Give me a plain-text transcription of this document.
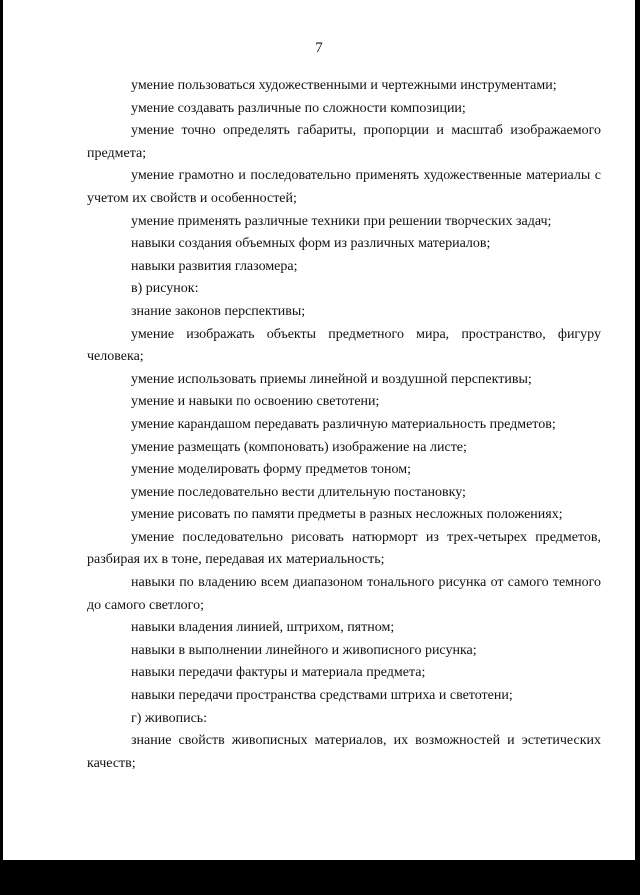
7

умение пользоваться художественными и чертежными инструментами;

умение создавать различные по сложности композиции;

умение точно определять габариты, пропорции и масштаб изображаемого предмета;

умение грамотно и последовательно применять художественные материалы с учетом их свойств и особенностей;

умение применять различные техники при решении творческих задач;

навыки создания объемных форм из различных материалов;

навыки развития глазомера;

в) рисунок:

знание законов перспективы;

умение изображать объекты предметного мира, пространство, фигуру человека;

умение использовать приемы линейной и воздушной перспективы;

умение и навыки по освоению светотени;

умение карандашом передавать различную материальность предметов;

умение размещать (компоновать) изображение на листе;

умение моделировать форму предметов тоном;

умение последовательно вести длительную постановку;

умение рисовать по памяти предметы в разных несложных положениях;

умение последовательно рисовать натюрморт из трех-четырех предметов, разбирая их в тоне, передавая их материальность;

навыки по владению всем диапазоном тонального рисунка от самого темного до самого светлого;

навыки владения линией, штрихом, пятном;

навыки в выполнении линейного и живописного рисунка;

навыки передачи фактуры и материала предмета;

навыки передачи пространства средствами штриха и светотени;

г) живопись:

знание свойств живописных материалов, их возможностей и эстетических качеств;
